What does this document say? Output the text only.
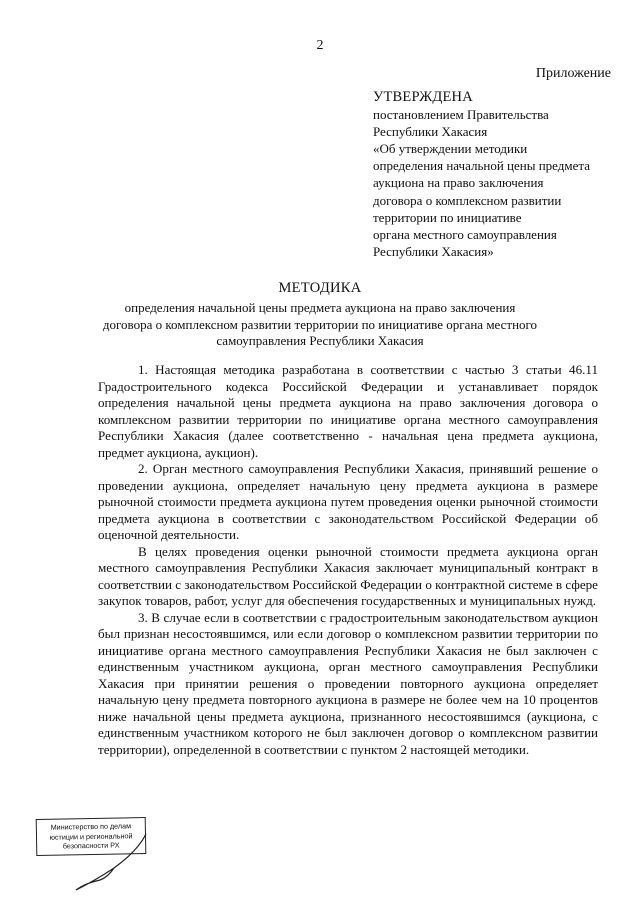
2
Приложение
УТВЕРЖДЕНА
постановлением Правительства
Республики Хакасия
«Об утверждении методики
определения начальной цены предмета
аукциона на право заключения
договора о комплексном развитии
территории по инициативе
органа местного самоуправления
Республики Хакасия»
МЕТОДИКА
определения начальной цены предмета аукциона на право заключения
договора о комплексном развитии территории по инициативе органа местного
самоуправления Республики Хакасия

1. Настоящая методика разработана в соответствии с частью 3 статьи 46.11 Градостроительного кодекса Российской Федерации и устанавливает порядок определения начальной цены предмета аукциона на право заключения договора о комплексном развитии территории по инициативе органа местного самоуправления Республики Хакасия (далее соответственно - начальная цена предмета аукциона, предмет аукциона, аукцион).

2. Орган местного самоуправления Республики Хакасия, принявший решение о проведении аукциона, определяет начальную цену предмета аукциона в размере рыночной стоимости предмета аукциона путем проведения оценки рыночной стоимости предмета аукциона в соответствии с законодательством Российской Федерации об оценочной деятельности.

В целях проведения оценки рыночной стоимости предмета аукциона орган местного самоуправления Республики Хакасия заключает муниципальный контракт в соответствии с законодательством Российской Федерации о контрактной системе в сфере закупок товаров, работ, услуг для обеспечения государственных и муниципальных нужд.

3. В случае если в соответствии с градостроительным законодательством аукцион был признан несостоявшимся, или если договор о комплексном развитии территории по инициативе органа местного самоуправления Республики Хакасия не был заключен с единственным участником аукциона, орган местного самоуправления Республики Хакасия при принятии решения о проведении повторного аукциона определяет начальную цену предмета повторного аукциона в размере не более чем на 10 процентов ниже начальной цены предмета аукциона, признанного несостоявшимся (аукциона, с единственным участником которого не был заключен договор о комплексном развитии территории), определенной в соответствии с пунктом 2 настоящей методики.

Министерство по делам
юстиции и региональной
безопасности РХ
